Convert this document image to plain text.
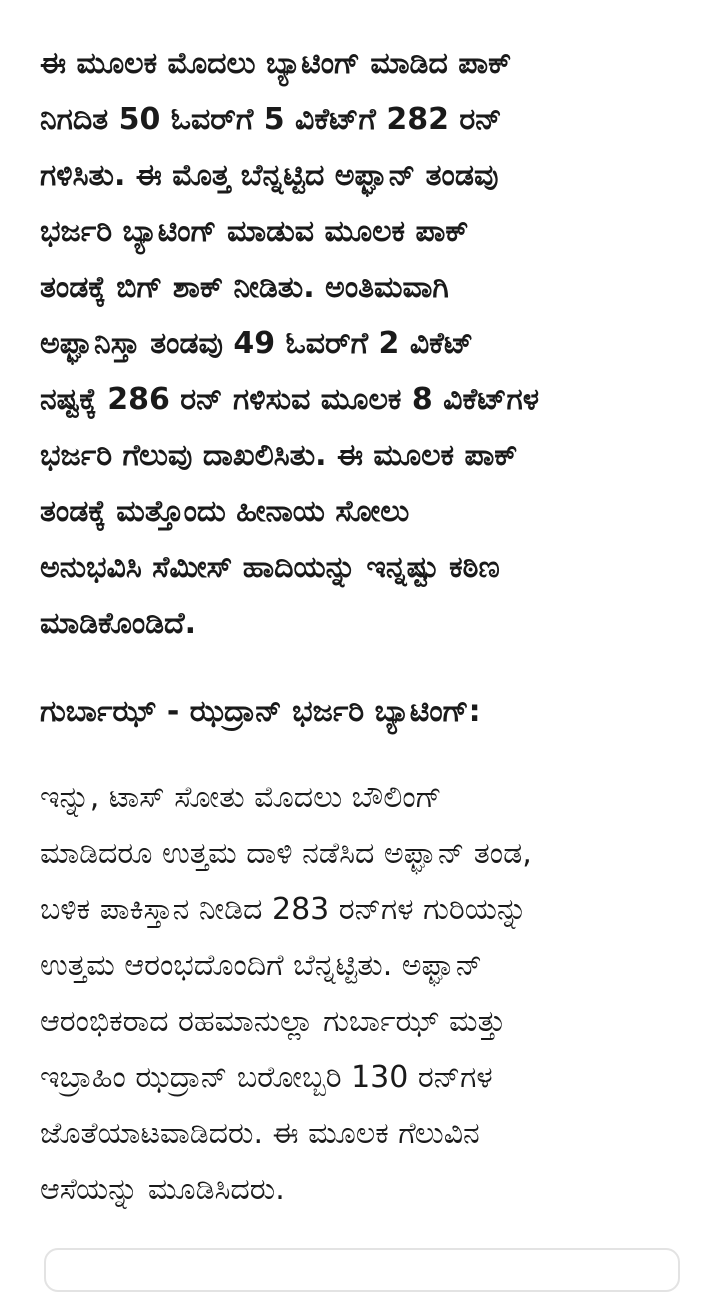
ಈ ಮೂಲಕ ಮೊದಲು ಬ್ಯಾಟಿಂಗ್ ಮಾಡಿದ ಪಾಕ್
ನಿಗದಿತ 50 ಓವರ್‌ಗೆ 5 ವಿಕೆಟ್‌ಗೆ 282 ರನ್
ಗಳಿಸಿತು. ಈ ಮೊತ್ತ ಬೆನ್ನಟ್ಟಿದ ಅಫ್ಘಾನ್ ತಂಡವು
ಭರ್ಜರಿ ಬ್ಯಾಟಿಂಗ್ ಮಾಡುವ ಮೂಲಕ ಪಾಕ್
ತಂಡಕ್ಕೆ ಬಿಗ್ ಶಾಕ್ ನೀಡಿತು. ಅಂತಿಮವಾಗಿ
ಅಫ್ಘಾನಿಸ್ತಾ ತಂಡವು 49 ಓವರ್‌ಗೆ 2 ವಿಕೆಟ್
ನಷ್ಟಕ್ಕೆ 286 ರನ್ ಗಳಿಸುವ ಮೂಲಕ 8 ವಿಕೆಟ್‌ಗಳ
ಭರ್ಜರಿ ಗೆಲುವು ದಾಖಲಿಸಿತು. ಈ ಮೂಲಕ ಪಾಕ್
ತಂಡಕ್ಕೆ ಮತ್ತೊಂದು ಹೀನಾಯ ಸೋಲು
ಅನುಭವಿಸಿ ಸೆಮೀಸ್ ಹಾದಿಯನ್ನು ಇನ್ನಷ್ಟು ಕಠಿಣ
ಮಾಡಿಕೊಂಡಿದೆ.

ಗುರ್ಬಾಝ್ - ಝದ್ರಾನ್ ಭರ್ಜರಿ ಬ್ಯಾಟಿಂಗ್:

ಇನ್ನು, ಟಾಸ್ ಸೋತು ಮೊದಲು ಬೌಲಿಂಗ್
ಮಾಡಿದರೂ ಉತ್ತಮ ದಾಳಿ ನಡೆಸಿದ ಅಫ್ಘಾನ್ ತಂಡ,
ಬಳಿಕ ಪಾಕಿಸ್ತಾನ ನೀಡಿದ 283 ರನ್‌ಗಳ ಗುರಿಯನ್ನು
ಉತ್ತಮ ಆರಂಭದೊಂದಿಗೆ ಬೆನ್ನಟ್ಟಿತು. ಅಫ್ಘಾನ್
ಆರಂಭಿಕರಾದ ರಹಮಾನುಲ್ಲಾ ಗುರ್ಬಾಝ್ ಮತ್ತು
ಇಬ್ರಾಹಿಂ ಝದ್ರಾನ್ ಬರೋಬ್ಬರಿ 130 ರನ್‌ಗಳ
ಜೊತೆಯಾಟವಾಡಿದರು. ಈ ಮೂಲಕ ಗೆಲುವಿನ
ಆಸೆಯನ್ನು ಮೂಡಿಸಿದರು.
